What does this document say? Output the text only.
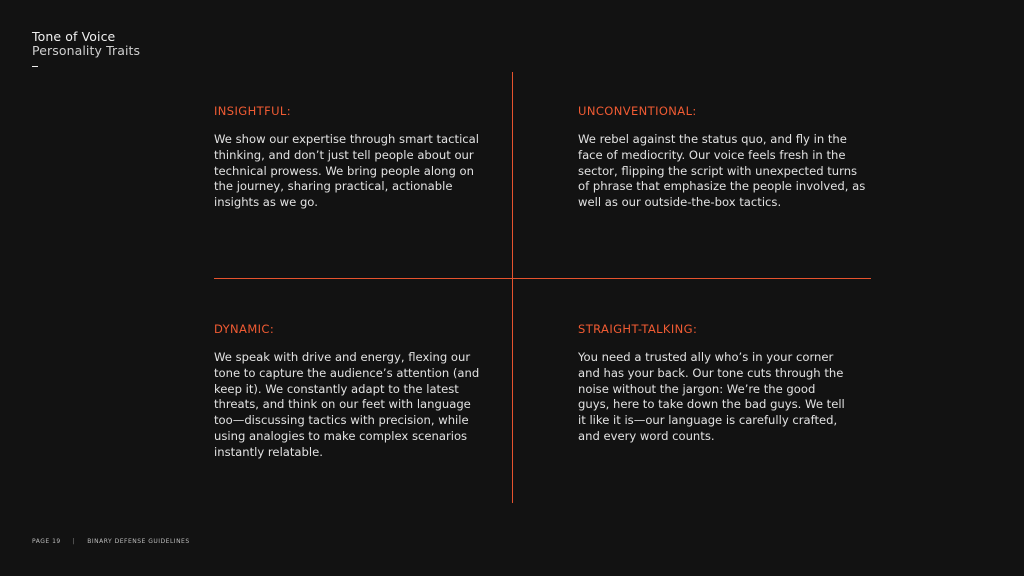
Tone of Voice
Personality Traits
INSIGHTFUL:
We show our expertise through smart tactical thinking, and don’t just tell people about our technical prowess. We bring people along on the journey, sharing practical, actionable insights as we go.
UNCONVENTIONAL:
We rebel against the status quo, and fly in the face of mediocrity. Our voice feels fresh in the sector, flipping the script with unexpected turns of phrase that emphasize the people involved, as well as our outside-the-box tactics.
DYNAMIC:
We speak with drive and energy, flexing our tone to capture the audience’s attention (and keep it). We constantly adapt to the latest threats, and think on our feet with language too—discussing tactics with precision, while using analogies to make complex scenarios instantly relatable.
STRAIGHT-TALKING:
You need a trusted ally who’s in your corner and has your back. Our tone cuts through the noise without the jargon: We’re the good guys, here to take down the bad guys. We tell it like it is—our language is carefully crafted, and every word counts.
PAGE 19 | BINARY DEFENSE GUIDELINES
